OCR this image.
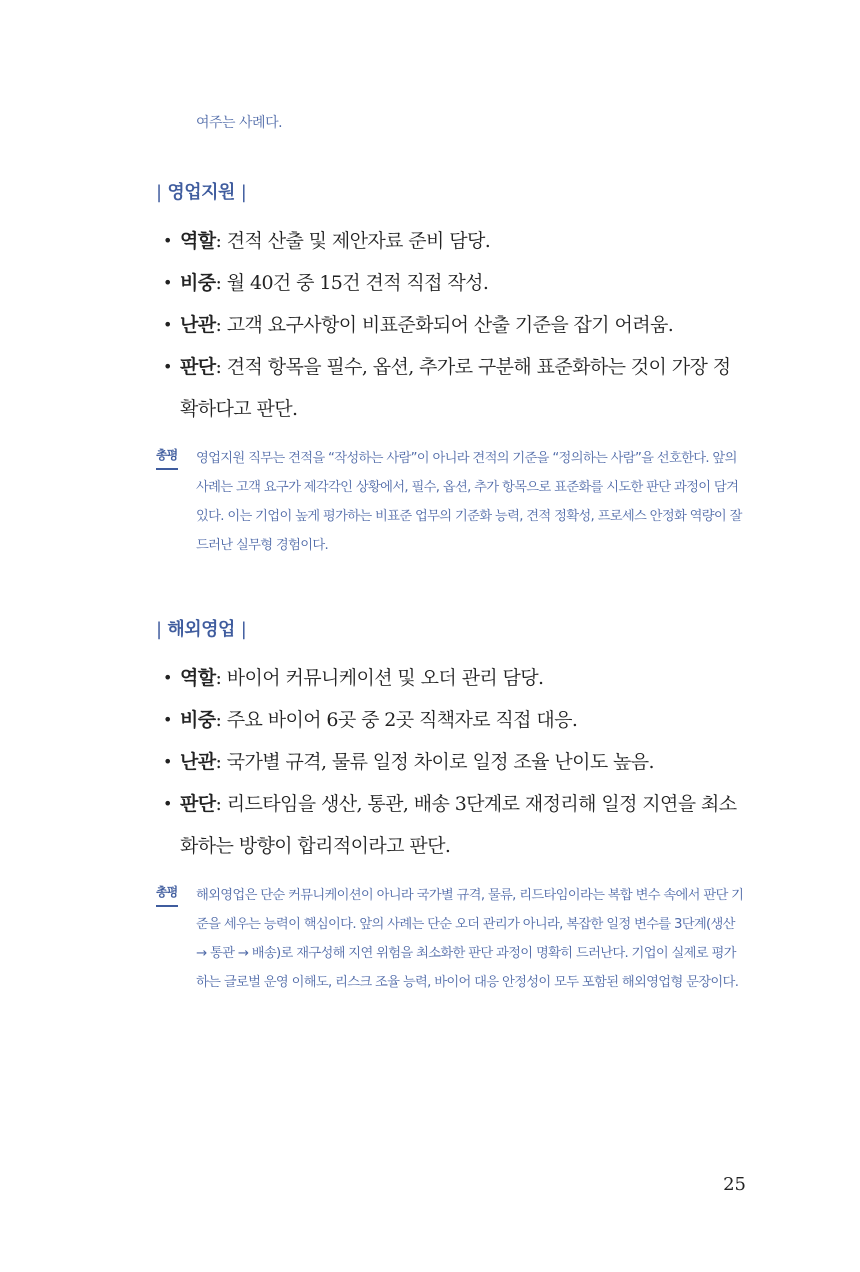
여주는 사례다.
| 영업지원 |
• 역할: 견적 산출 및 제안자료 준비 담당.
• 비중: 월 40건 중 15건 견적 직접 작성.
• 난관: 고객 요구사항이 비표준화되어 산출 기준을 잡기 어려움.
• 판단: 견적 항목을 필수, 옵션, 추가로 구분해 표준화하는 것이 가장 정확하다고 판단.
총평 영업지원 직무는 견적을 “작성하는 사람”이 아니라 견적의 기준을 “정의하는 사람”을 선호한다. 앞의 사례는 고객 요구가 제각각인 상황에서, 필수, 옵션, 추가 항목으로 표준화를 시도한 판단 과정이 담겨 있다. 이는 기업이 높게 평가하는 비표준 업무의 기준화 능력, 견적 정확성, 프로세스 안정화 역량이 잘 드러난 실무형 경험이다.
| 해외영업 |
• 역할: 바이어 커뮤니케이션 및 오더 관리 담당.
• 비중: 주요 바이어 6곳 중 2곳 직책자로 직접 대응.
• 난관: 국가별 규격, 물류 일정 차이로 일정 조율 난이도 높음.
• 판단: 리드타임을 생산, 통관, 배송 3단계로 재정리해 일정 지연을 최소화하는 방향이 합리적이라고 판단.
총평 해외영업은 단순 커뮤니케이션이 아니라 국가별 규격, 물류, 리드타임이라는 복합 변수 속에서 판단 기준을 세우는 능력이 핵심이다. 앞의 사례는 단순 오더 관리가 아니라, 복잡한 일정 변수를 3단계(생산 → 통관 → 배송)로 재구성해 지연 위험을 최소화한 판단 과정이 명확히 드러난다. 기업이 실제로 평가하는 글로벌 운영 이해도, 리스크 조율 능력, 바이어 대응 안정성이 모두 포함된 해외영업형 문장이다.
25
